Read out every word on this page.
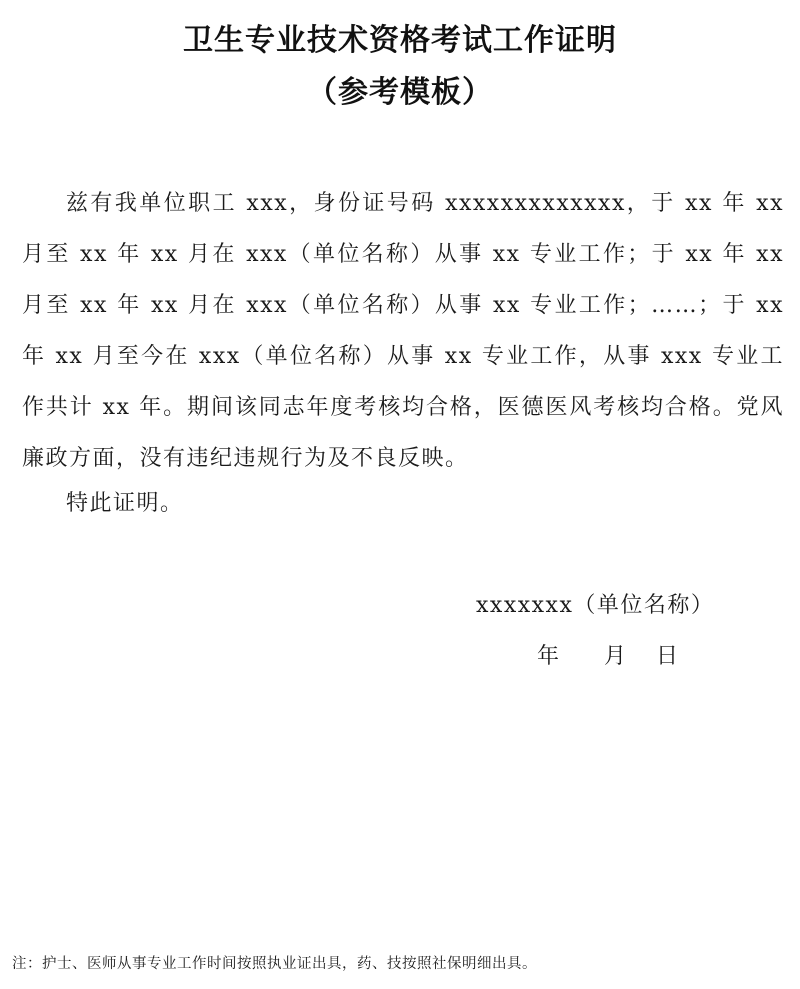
卫生专业技术资格考试工作证明
（参考模板）

兹有我单位职工 xxx，身份证号码 xxxxxxxxxxxxx，于 xx 年 xx 月至 xx 年 xx 月在 xxx（单位名称）从事 xx 专业工作；于 xx 年 xx 月至 xx 年 xx 月在 xxx（单位名称）从事 xx 专业工作；……；于 xx 年 xx 月至今在 xxx（单位名称）从事 xx 专业工作，从事 xxx 专业工作共计 xx 年。期间该同志年度考核均合格，医德医风考核均合格。党风廉政方面，没有违纪违规行为及不良反映。

特此证明。
xxxxxxx（单位名称）
年 月 日
注：护士、医师从事专业工作时间按照执业证出具，药、技按照社保明细出具。
